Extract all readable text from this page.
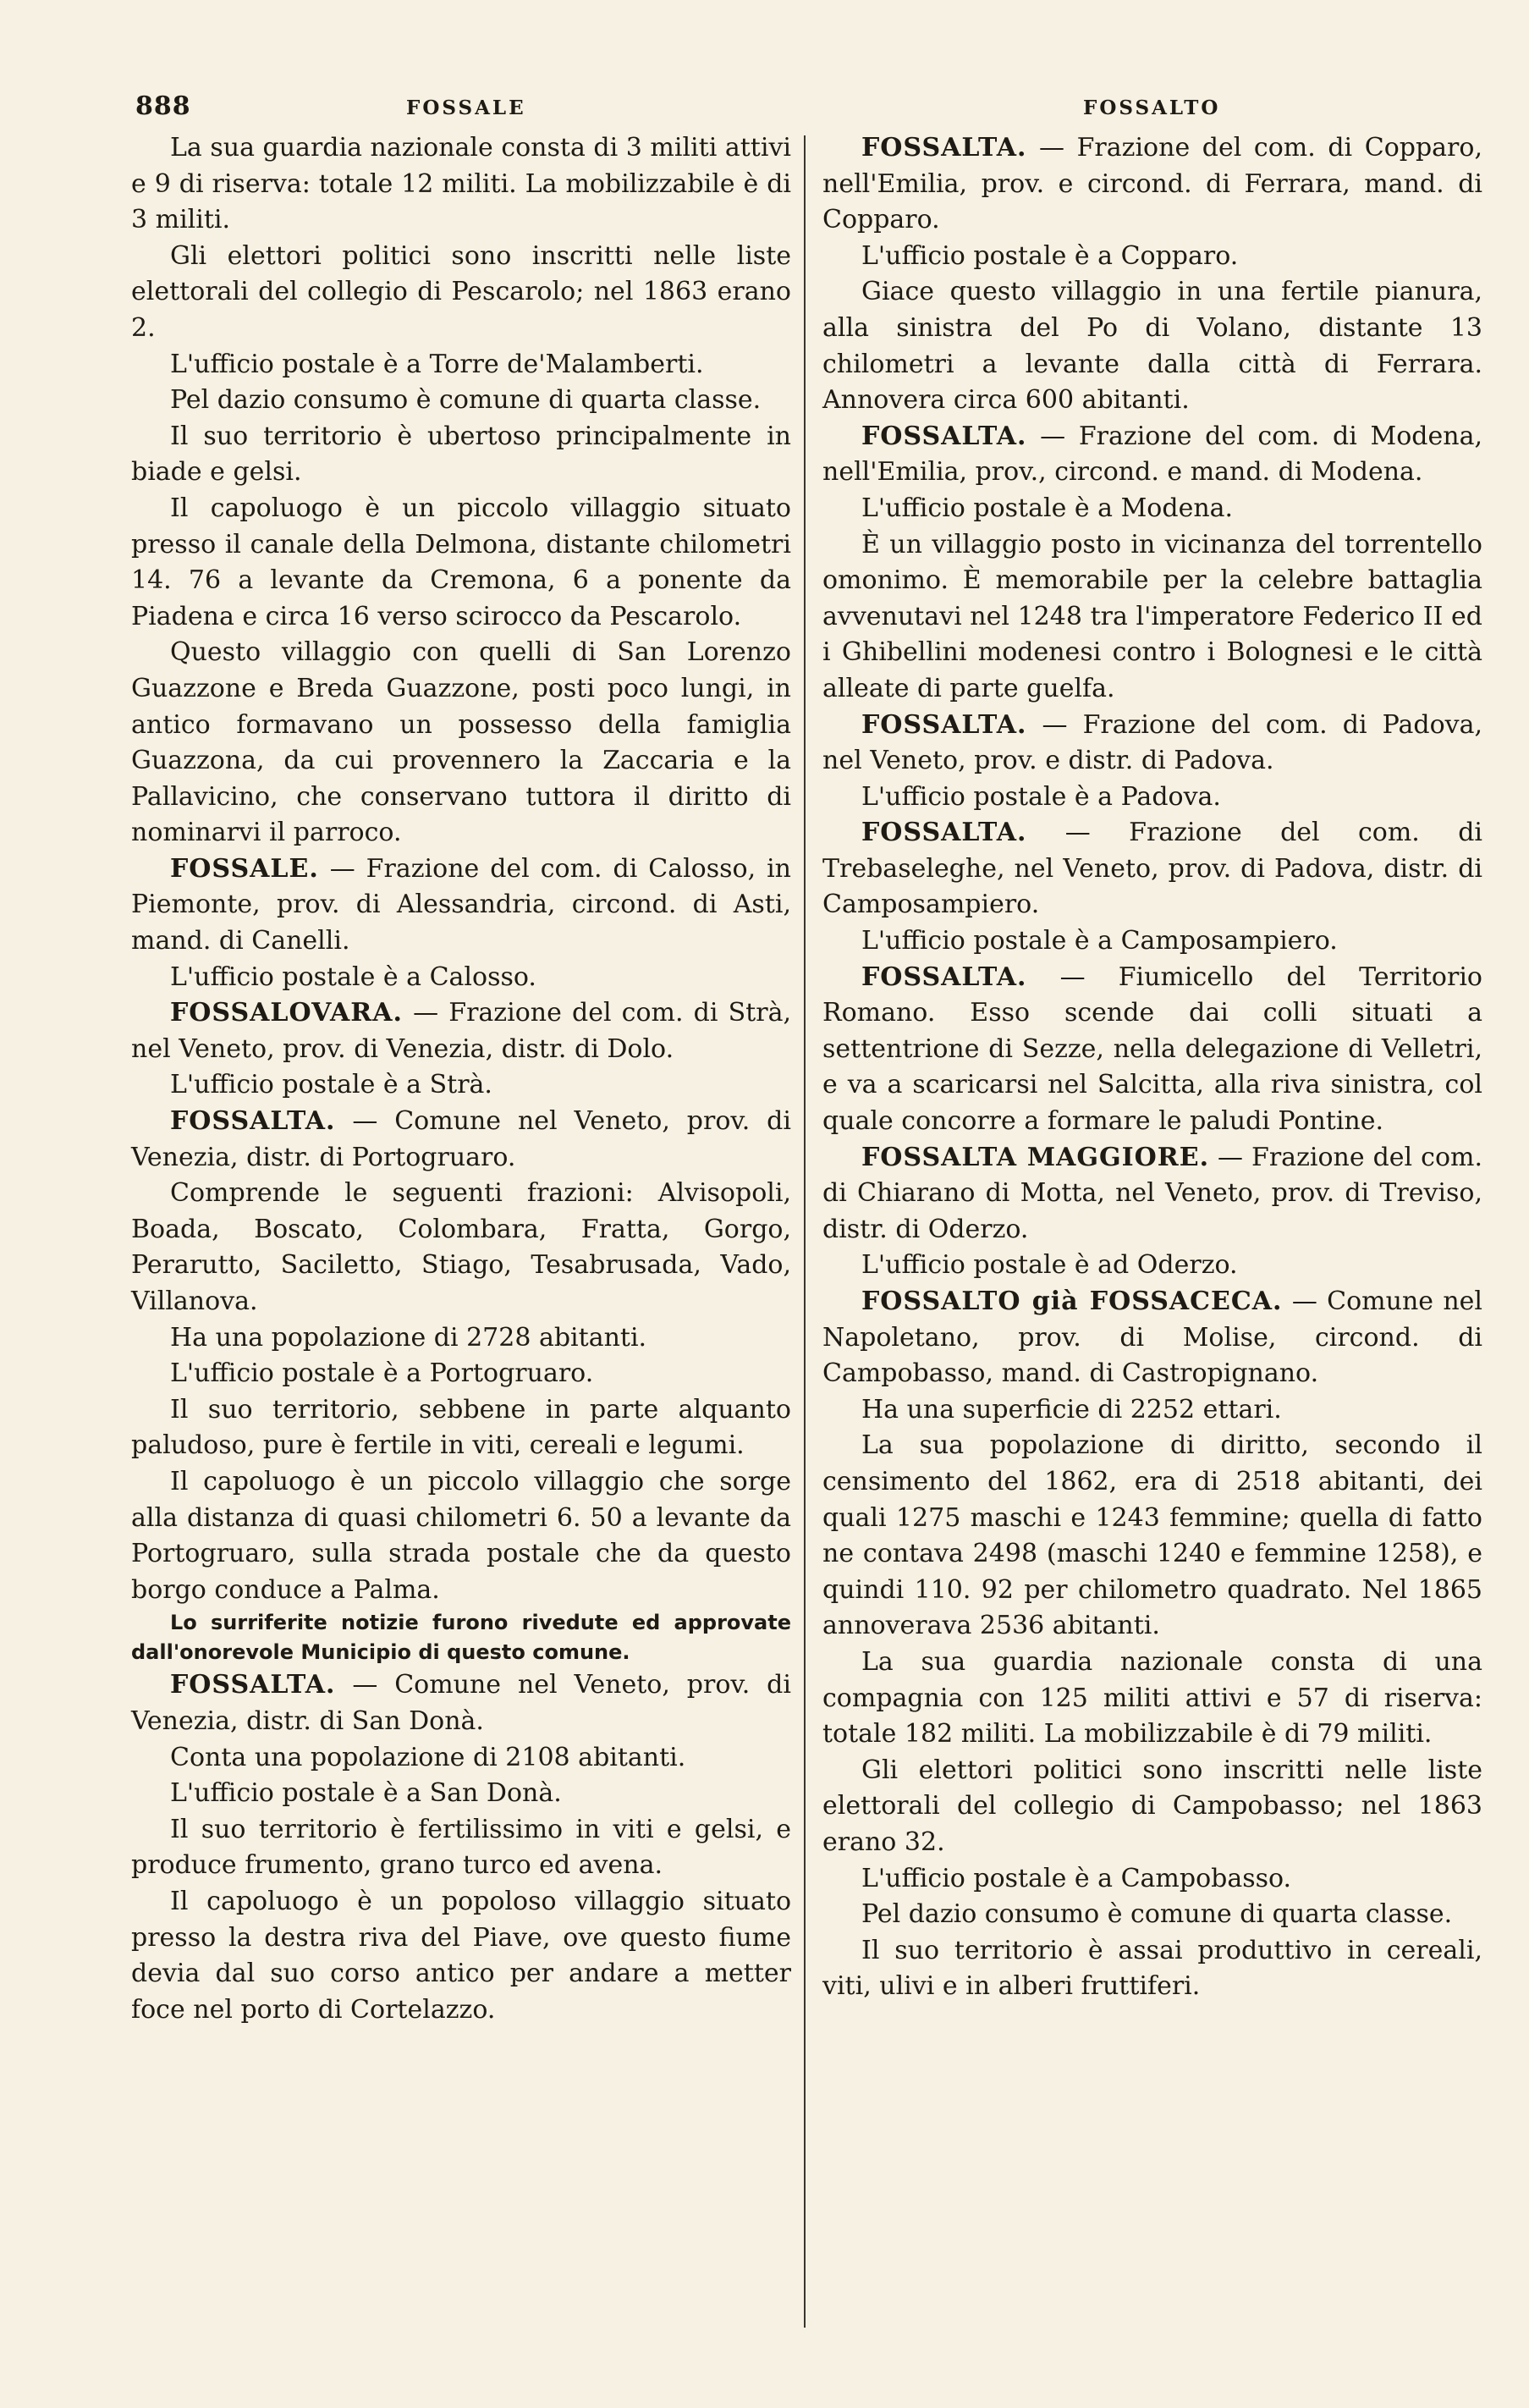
888	FOSSALE	FOSSALTO

La sua guardia nazionale consta di 3 militi attivi e 9 di riserva: totale 12 militi. La mobilizzabile è di 3 militi.

Gli elettori politici sono inscritti nelle liste elettorali del collegio di Pescarolo; nel 1863 erano 2.

L'ufficio postale è a Torre de'Malamberti.

Pel dazio consumo è comune di quarta classe.

Il suo territorio è ubertoso principalmente in biade e gelsi.

Il capoluogo è un piccolo villaggio situato presso il canale della Delmona, distante chilometri 14. 76 a levante da Cremona, 6 a ponente da Piadena e circa 16 verso scirocco da Pescarolo.

Questo villaggio con quelli di San Lorenzo Guazzone e Breda Guazzone, posti poco lungi, in antico formavano un possesso della famiglia Guazzona, da cui provennero la Zaccaria e la Pallavicino, che conservano tuttora il diritto di nominarvi il parroco.

FOSSALE. — Frazione del com. di Calosso, in Piemonte, prov. di Alessandria, circond. di Asti, mand. di Canelli.

L'ufficio postale è a Calosso.

FOSSALOVARA. — Frazione del com. di Strà, nel Veneto, prov. di Venezia, distr. di Dolo.

L'ufficio postale è a Strà.

FOSSALTA. — Comune nel Veneto, prov. di Venezia, distr. di Portogruaro.

Comprende le seguenti frazioni: Alvisopoli, Boada, Boscato, Colombara, Fratta, Gorgo, Perarutto, Saciletto, Stiago, Tesabrusada, Vado, Villanova.

Ha una popolazione di 2728 abitanti.

L'ufficio postale è a Portogruaro.

Il suo territorio, sebbene in parte alquanto paludoso, pure è fertile in viti, cereali e legumi.

Il capoluogo è un piccolo villaggio che sorge alla distanza di quasi chilometri 6. 50 a levante da Portogruaro, sulla strada postale che da questo borgo conduce a Palma.

Lo surriferite notizie furono rivedute ed approvate dall'onorevole Municipio di questo comune.

FOSSALTA. — Comune nel Veneto, prov. di Venezia, distr. di San Donà.

Conta una popolazione di 2108 abitanti.

L'ufficio postale è a San Donà.

Il suo territorio è fertilissimo in viti e gelsi, e produce frumento, grano turco ed avena.

Il capoluogo è un popoloso villaggio situato presso la destra riva del Piave, ove questo fiume devia dal suo corso antico per andare a metter foce nel porto di Cortelazzo.

FOSSALTA. — Frazione del com. di Copparo, nell'Emilia, prov. e circond. di Ferrara, mand. di Copparo.

L'ufficio postale è a Copparo.

Giace questo villaggio in una fertile pianura, alla sinistra del Po di Volano, distante 13 chilometri a levante dalla città di Ferrara. Annovera circa 600 abitanti.

FOSSALTA. — Frazione del com. di Modena, nell'Emilia, prov., circond. e mand. di Modena.

L'ufficio postale è a Modena.

È un villaggio posto in vicinanza del torrentello omonimo. È memorabile per la celebre battaglia avvenutavi nel 1248 tra l'imperatore Federico II ed i Ghibellini modenesi contro i Bolognesi e le città alleate di parte guelfa.

FOSSALTA. — Frazione del com. di Padova, nel Veneto, prov. e distr. di Padova.

L'ufficio postale è a Padova.

FOSSALTA. — Frazione del com. di Trebaseleghe, nel Veneto, prov. di Padova, distr. di Camposampiero.

L'ufficio postale è a Camposampiero.

FOSSALTA. — Fiumicello del Territorio Romano. Esso scende dai colli situati a settentrione di Sezze, nella delegazione di Velletri, e va a scaricarsi nel Salcitta, alla riva sinistra, col quale concorre a formare le paludi Pontine.

FOSSALTA MAGGIORE. — Frazione del com. di Chiarano di Motta, nel Veneto, prov. di Treviso, distr. di Oderzo.

L'ufficio postale è ad Oderzo.

FOSSALTO già FOSSACECA. — Comune nel Napoletano, prov. di Molise, circond. di Campobasso, mand. di Castropignano.

Ha una superficie di 2252 ettari.

La sua popolazione di diritto, secondo il censimento del 1862, era di 2518 abitanti, dei quali 1275 maschi e 1243 femmine; quella di fatto ne contava 2498 (maschi 1240 e femmine 1258), e quindi 110. 92 per chilometro quadrato. Nel 1865 annoverava 2536 abitanti.

La sua guardia nazionale consta di una compagnia con 125 militi attivi e 57 di riserva: totale 182 militi. La mobilizzabile è di 79 militi.

Gli elettori politici sono inscritti nelle liste elettorali del collegio di Campobasso; nel 1863 erano 32.

L'ufficio postale è a Campobasso.

Pel dazio consumo è comune di quarta classe.

Il suo territorio è assai produttivo in cereali, viti, ulivi e in alberi fruttiferi.
